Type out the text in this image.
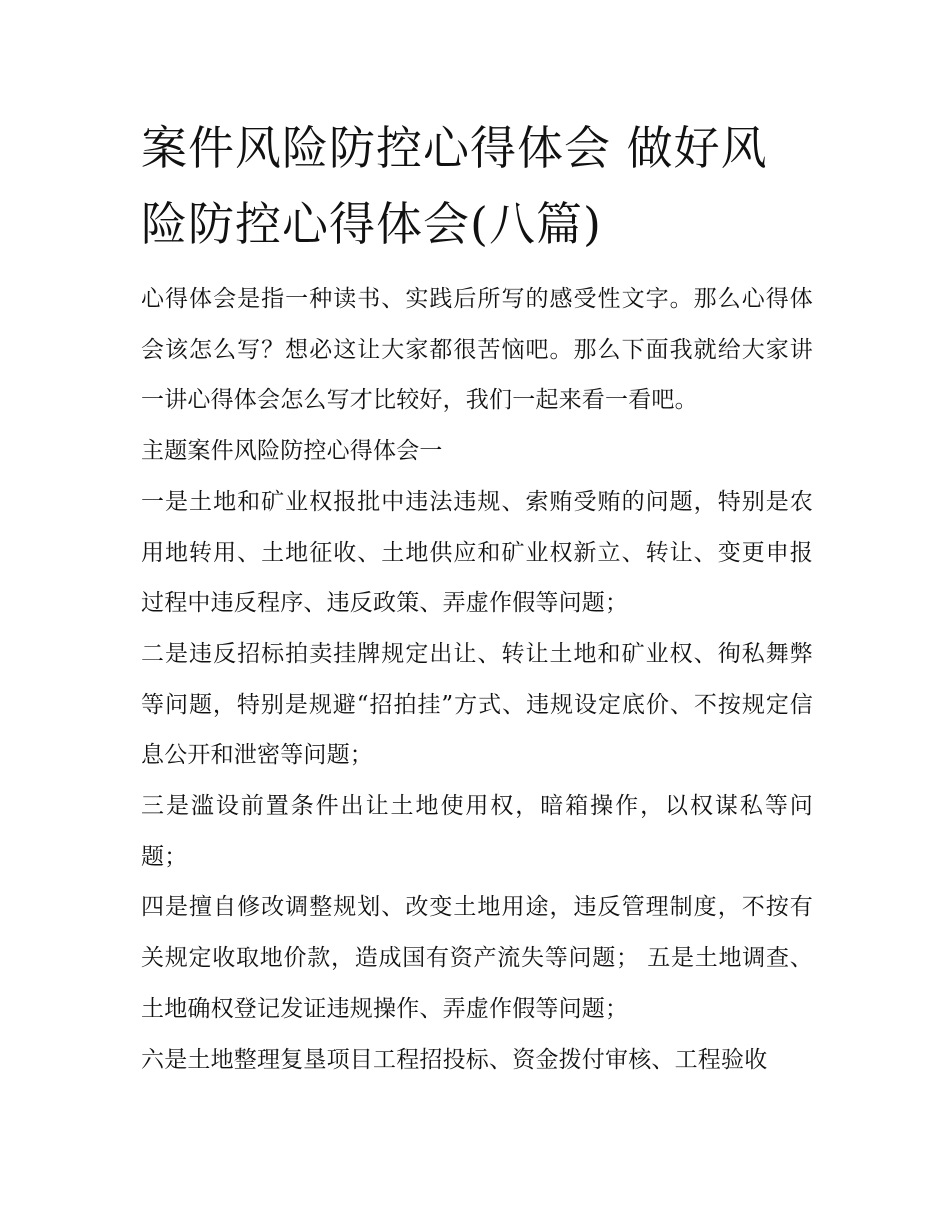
案件风险防控心得体会 做好风险防控心得体会(八篇)

心得体会是指一种读书、实践后所写的感受性文字。那么心得体会该怎么写？想必这让大家都很苦恼吧。那么下面我就给大家讲一讲心得体会怎么写才比较好，我们一起来看一看吧。

主题案件风险防控心得体会一

一是土地和矿业权报批中违法违规、索贿受贿的问题，特别是农用地转用、土地征收、土地供应和矿业权新立、转让、变更申报过程中违反程序、违反政策、弄虚作假等问题；

二是违反招标拍卖挂牌规定出让、转让土地和矿业权、徇私舞弊等问题，特别是规避“招拍挂”方式、违规设定底价、不按规定信息公开和泄密等问题；

三是滥设前置条件出让土地使用权，暗箱操作，以权谋私等问题；

四是擅自修改调整规划、改变土地用途，违反管理制度，不按有关规定收取地价款，造成国有资产流失等问题； 五是土地调查、土地确权登记发证违规操作、弄虚作假等问题；

六是土地整理复垦项目工程招投标、资金拨付审核、工程验收
